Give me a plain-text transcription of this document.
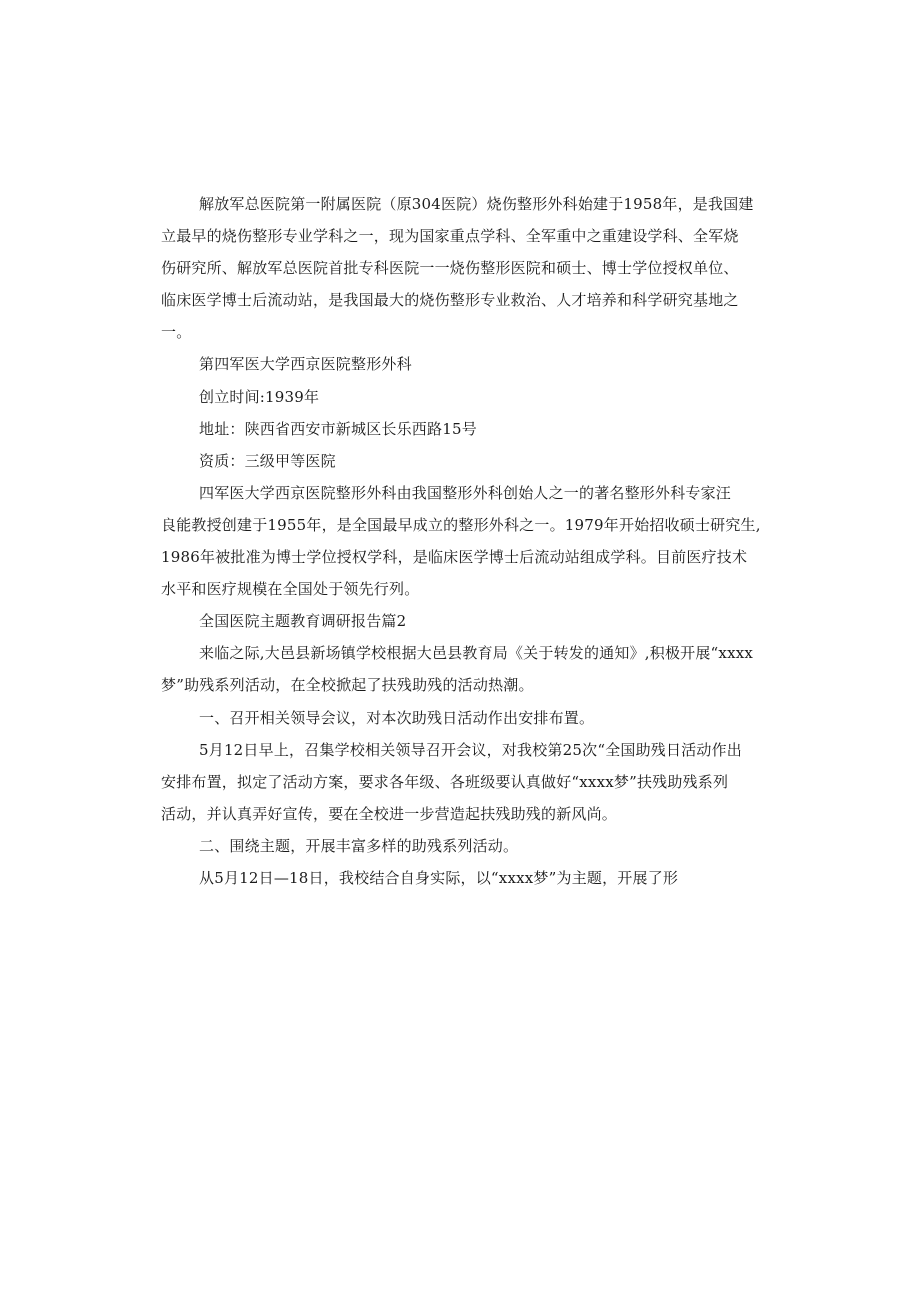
解放军总医院第一附属医院（原304医院）烧伤整形外科始建于1958年，是我国建
立最早的烧伤整形专业学科之一，现为国家重点学科、全军重中之重建设学科、全军烧
伤研究所、解放军总医院首批专科医院一一烧伤整形医院和硕士、博士学位授权单位、
临床医学博士后流动站，是我国最大的烧伤整形专业救治、人才培养和科学研究基地之
一。
第四军医大学西京医院整形外科
创立时间:1939年
地址：陕西省西安市新城区长乐西路15号
资质：三级甲等医院
四军医大学西京医院整形外科由我国整形外科创始人之一的著名整形外科专家汪
良能教授创建于1955年，是全国最早成立的整形外科之一。1979年开始招收硕士研究生,
1986年被批准为博士学位授权学科，是临床医学博士后流动站组成学科。目前医疗技术
水平和医疗规模在全国处于领先行列。
全国医院主题教育调研报告篇2
来临之际,大邑县新场镇学校根据大邑县教育局《关于转发的通知》,积极开展“xxxx
梦”助残系列活动，在全校掀起了扶残助残的活动热潮。
一、召开相关领导会议，对本次助残日活动作出安排布置。
5月12日早上，召集学校相关领导召开会议，对我校第25次“全国助残日活动作出
安排布置，拟定了活动方案，要求各年级、各班级要认真做好“xxxx梦”扶残助残系列
活动，并认真弄好宣传，要在全校进一步营造起扶残助残的新风尚。
二、围绕主题，开展丰富多样的助残系列活动。
从5月12日—18日，我校结合自身实际，以“xxxx梦”为主题，开展了形
